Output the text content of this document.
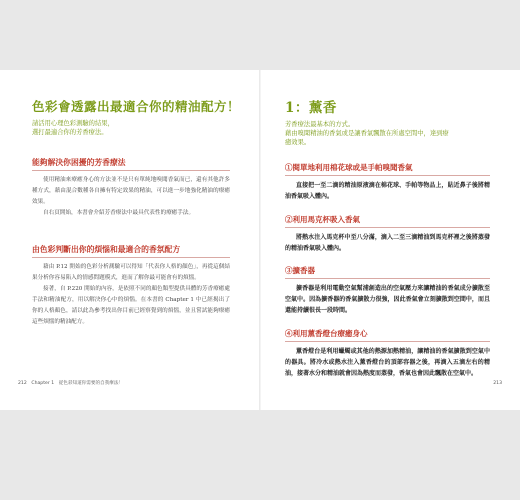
色彩會透露出最適合你的精油配方！
請活用心理色彩測驗的結果，
選打最適合你的芳香療法。
能夠解決你困擾的芳香療法

使用精油來療癒身心的方法並不是只有單純地嗅聞香氣而已，還有其他許多種方式，藉由混合數種各自擁有特定效果的精油，可以進一步地強化精油的療癒效果。

自右頁開始，本書會介紹芳香療法中最具代表性的療癒手法。

由色彩判斷出你的煩惱和最適合的香氛配方

藉由 P.12 開始的色彩分析測驗可以得知「代表你人格的顏色」，再從這個結果分析你容易陷入的情感問題模式，進而了解你最可能會有的煩惱。

接著，自 P.220 開始的內容，是依照不同的顏色類型提供具體的芳香療癒處手法和精油配方，用以解決你心中的煩惱。在本書的 Chapter 1 中已經揭出了你的人格顏色，請以此為參考找出你目前已經察覺到的煩惱，並且嘗試能夠療癒這些煩惱的精油配方。

212　Chapter 1　從色彩知道你需要的自我療法！
1：薰香
芳香療法最基本的方式。
藉由嗅聞精油的香氣或是讓香氣飄散在所處空間中，達到療
癒效果。
①閱單地利用棉花球或是手帕嗅聞香氣
直接把一至二滴的精油原液滴在棉花球、手帕等物品上，貼近鼻子後將精油香氣吸入體內。
②利用馬克杯吸入香氣
將熱水注入馬克杯中至八分滿，滴入二至三滴精油到馬克杯裡之後將蒸發的精油香氣吸入體內。
③擴香器
擴香器是利用電動空氣幫浦創造出的空氣壓力來讓精油的香氣成分擴散至空氣中。因為擴香器的香氣擴散力很強，因此香氣會立刻擴散到空間中，而且還能持續很長一段時間。
④利用薰香燈台療癒身心
薰香燈台是利用蠟燭或其他的熱源加熱精油，讓精油的香氣擴散到空氣中的器具。將冷水或熱水注入薰香燈台的頂部容器之後，再滴入五滴左右的精油，接著水分和精油就會因為熱度而蒸發，香氣也會因此飄散在空氣中。
213
